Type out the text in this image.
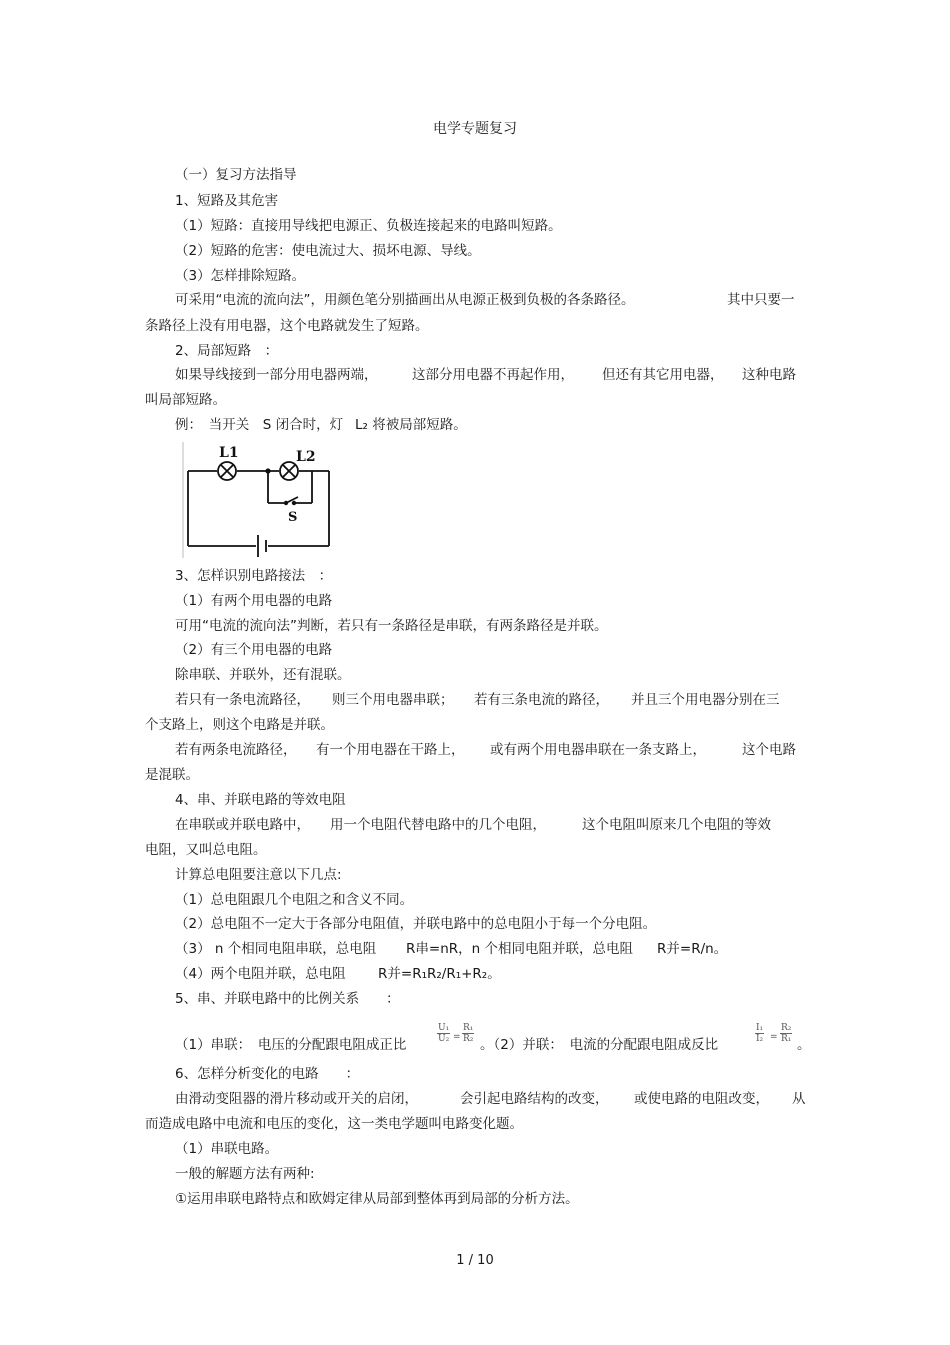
电学专题复习
（一）复习方法指导
1、短路及其危害
（1）短路：直接用导线把电源正、负极连接起来的电路叫短路。
（2）短路的危害：使电流过大、损坏电源、导线。
（3）怎样排除短路。
可采用“电流的流向法”，用颜色笔分别描画出从电源正极到负极的各条路径。	其中只要一
条路径上没有用电器，这个电路就发生了短路。
2、局部短路　：
如果导线接到一部分用电器两端，	这部分用电器不再起作用， 但还有其它用电器， 这种电路
叫局部短路。
例：　当开关　S 闭合时，灯 L₂ 将被局部短路。
L1	L2
S
3、怎样识别电路接法　：
（1）有两个用电器的电路
可用“电流的流向法”判断，若只有一条路径是串联，有两条路径是并联。
（2）有三个用电器的电路
除串联、并联外，还有混联。
若只有一条电流路径， 则三个用电器串联； 若有三条电流的路径， 并且三个用电器分别在三
个支路上，则这个电路是并联。
若有两条电流路径， 有一个用电器在干路上， 或有两个用电器串联在一条支路上，	这个电路
是混联。
4、串、并联电路的等效电阻
在串联或并联电路中， 用一个电阻代替电路中的几个电阻，	这个电阻叫原来几个电阻的等效
电阻，又叫总电阻。
计算总电阻要注意以下几点:
（1）总电阻跟几个电阻之和含义不同。
（2）总电阻不一定大于各部分电阻值，并联电路中的总电阻小于每一个分电阻。
（3） n 个相同电阻串联，总电阻 R串=nR，n 个相同电阻并联，总电阻 R并=R/n。
（4）两个电阻并联，总电阻 R并=R₁R₂/R₁+R₂。
5、串、并联电路中的比例关系　　：
（1）串联：　电压的分配跟电阻成正比
$\frac{\text{U₁}}{\text{U₂}} = \frac{\text{R₁}}{\text{R₂}}$
。（2）并联：　电流的分配跟电阻成反比
$\frac{\text{I₁}}{\text{I₂}} = \frac{\text{R₂}}{\text{R₁}}$
。
6、怎样分析变化的电路　　：
由滑动变阻器的滑片移动或开关的启闭，	会引起电路结构的改变， 或使电路的电阻改变， 从
而造成电路中电流和电压的变化，这一类电学题叫电路变化题。
（1）串联电路。
一般的解题方法有两种:
①运用串联电路特点和欧姆定律从局部到整体再到局部的分析方法。
1 / 10
